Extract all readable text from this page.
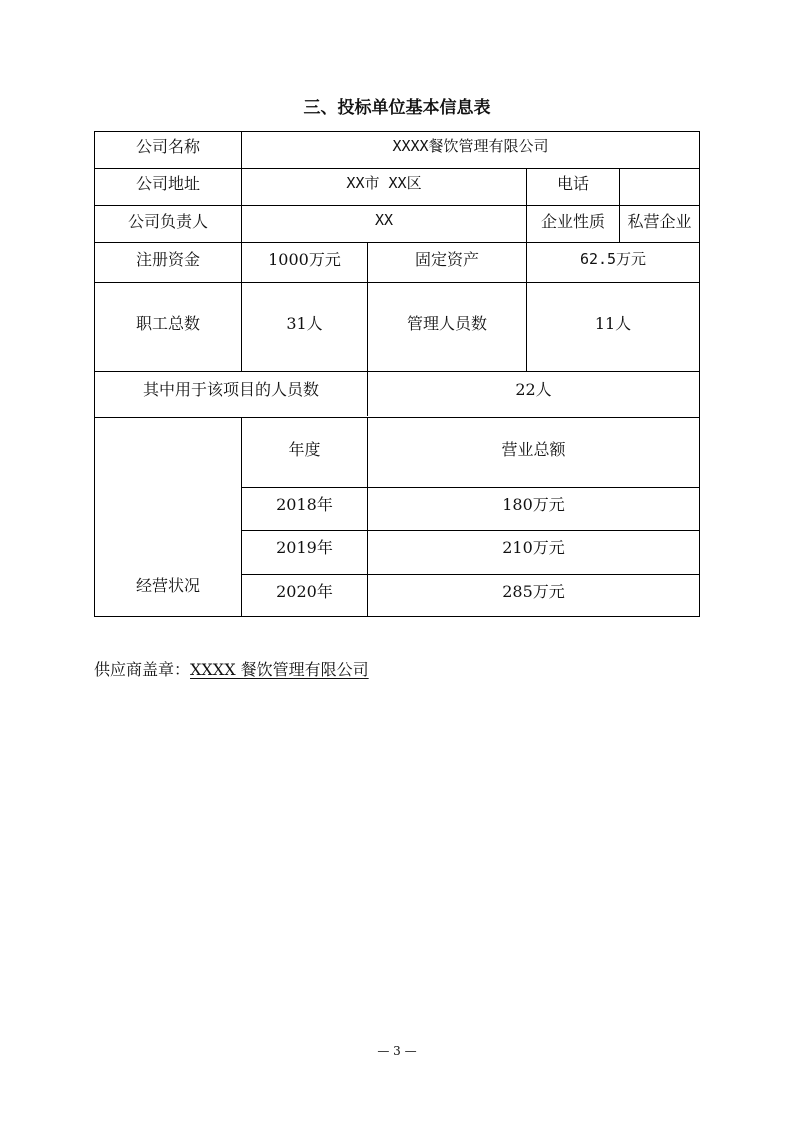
三、投标单位基本信息表
公司名称	XXXX餐饮管理有限公司
公司地址	XX市 XX区	电话
公司负责人	XX	企业性质	私营企业
注册资金	1000万元	固定资产	62.5万元
职工总数	31人	管理人员数	11人
其中用于该项目的人员数	22人
经营状况
年度	营业总额
2018年	180万元
2019年	210万元
2020年	285万元
供应商盖章：XXXX 餐饮管理有限公司
— 3 —
